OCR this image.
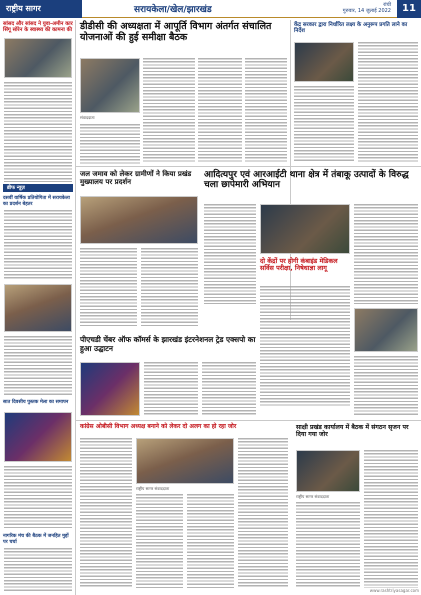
राष्ट्रीय सागर	सरायकेला/खेल/झारखंड	रांची
गुरुवार, 14 जुलाई 2022	11
सांसद और सांसद ने युवा-अमीन कार सिंगू सोरेन के स्वास्थ्य की कामना की
ब्रीफ न्यूज़
दसवीं वार्षिक प्रतियोगिता में सरायकेला का प्रदर्शन बेहतर
सात दिवसीय पुस्तक मेला का समापन
नागरिक मंच की बैठक में जनहित मुद्दों पर चर्चा
डीडीसी की अध्यक्षता में आपूर्ति विभाग अंतर्गत संचालित योजनाओं की हुई समीक्षा बैठक
संवाददाता
केंद्र सरकार द्वारा निर्धारित लक्ष्य के अनुरूप प्रगति लाने का निर्देश
जल जमाव को लेकर ग्रामीणों ने किया प्रखंड मुख्यालय पर प्रदर्शन
आदित्यपुर एवं आरआईटी थाना क्षेत्र में तंबाकू उत्पादों के विरुद्ध चला छापेमारी अभियान
दो केंद्रों पर होगी कंबाइंड मेडिकल सर्विस परीक्षा, निषेधाज्ञा लागू
पीएचडी चेंबर ऑफ कॉमर्स के झारखंड इंटरनेशनल ट्रेड एक्सपो का हुआ उद्घाटन
कांग्रेस ओबीसी विभाग अध्यक्ष बनाने को लेकर दो अलग का हो रहा जोर
राष्ट्रीय सागर संवाददाता
साक्षी प्रखंड कार्यालय में बैठक में संगठन सृजन पर दिया गया जोर
राष्ट्रीय सागर संवाददाता
www.rashtriyasagar.com
